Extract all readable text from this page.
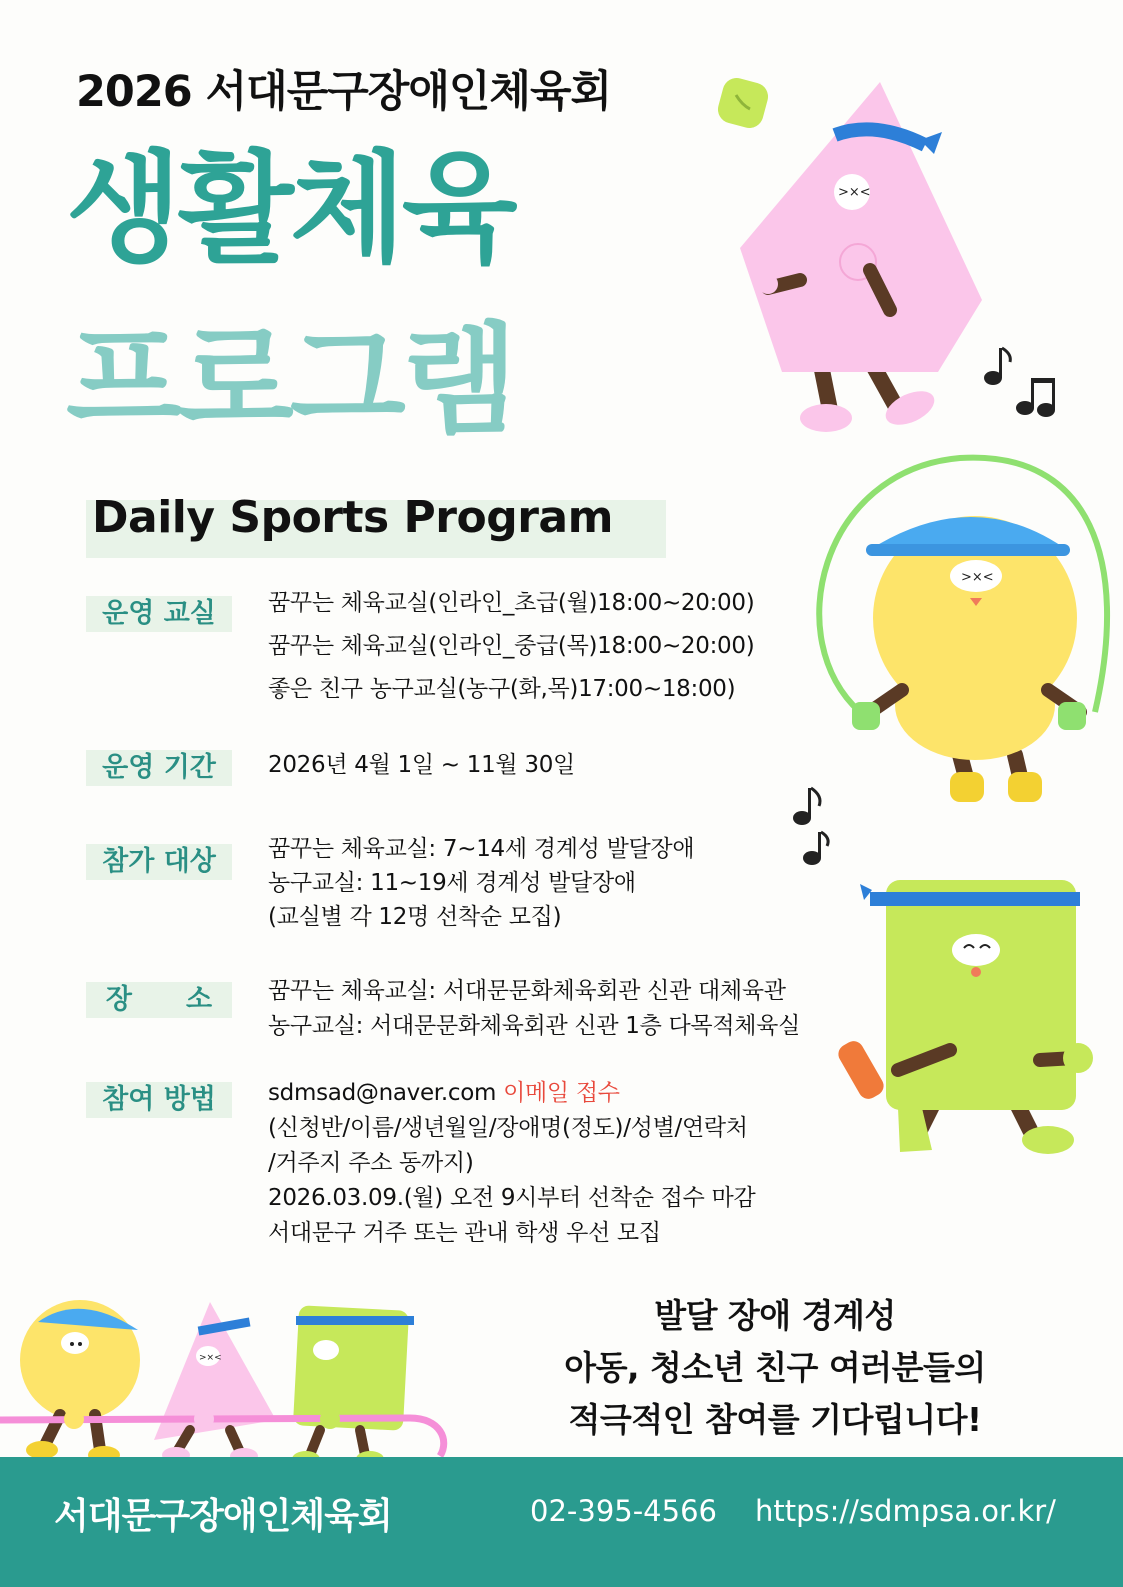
>×<
>×<
>×<
2026 서대문구장애인체육회
생활체육
프로그램
Daily Sports Program
운영 교실	꿈꾸는 체육교실(인라인_초급(월)18:00~20:00)
꿈꾸는 체육교실(인라인_중급(목)18:00~20:00)
좋은 친구 농구교실(농구(화,목)17:00~18:00)
운영 기간	2026년 4월 1일 ~ 11월 30일
참가 대상	꿈꾸는 체육교실: 7~14세 경계성 발달장애
농구교실: 11~19세 경계성 발달장애
(교실별 각 12명 선착순 모집)
장　　소	꿈꾸는 체육교실: 서대문문화체육회관 신관 대체육관
농구교실: 서대문문화체육회관 신관 1층 다목적체육실
참여 방법	sdmsad@naver.com 이메일 접수
(신청반/이름/생년월일/장애명(정도)/성별/연락처
/거주지 주소 동까지)
2026.03.09.(월) 오전 9시부터 선착순 접수 마감
서대문구 거주 또는 관내 학생 우선 모집
발달 장애 경계성
아동, 청소년 친구 여러분들의
적극적인 참여를 기다립니다!
서대문구장애인체육회	02-395-4566 https://sdmpsa.or.kr/
